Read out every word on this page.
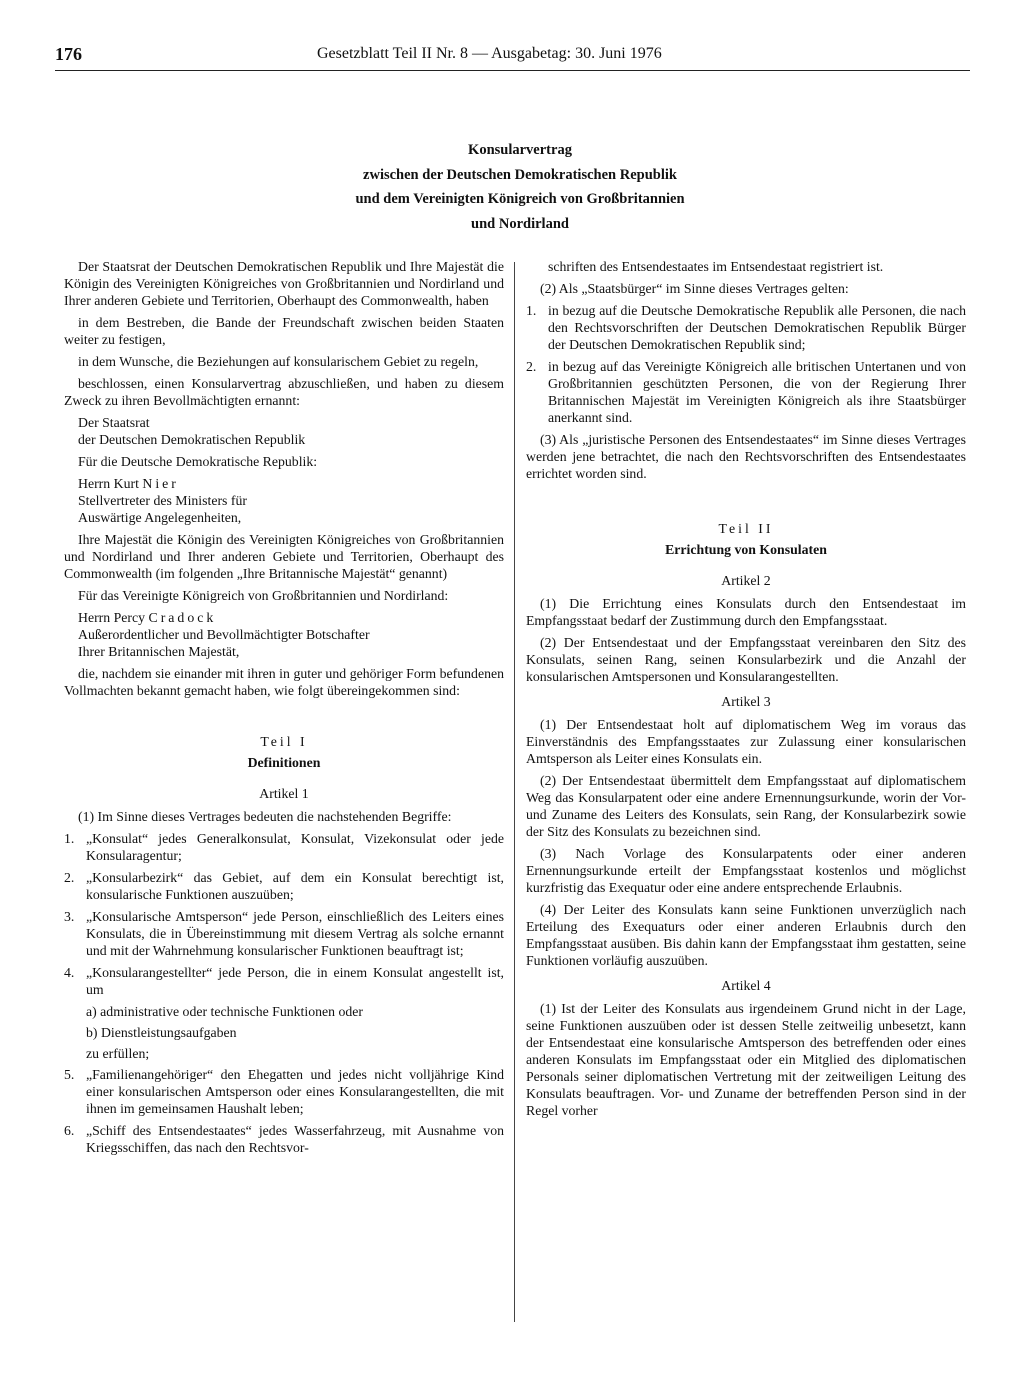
176	Gesetzblatt Teil II Nr. 8 — Ausgabetag: 30. Juni 1976
Konsularvertrag
zwischen der Deutschen Demokratischen Republik
und dem Vereinigten Königreich von Großbritannien
und Nordirland

Der Staatsrat der Deutschen Demokratischen Republik und Ihre Majestät die Königin des Vereinigten Königreiches von Großbritannien und Nordirland und Ihrer anderen Gebiete und Territorien, Oberhaupt des Commonwealth, haben

in dem Bestreben, die Bande der Freundschaft zwischen beiden Staaten weiter zu festigen,

in dem Wunsche, die Beziehungen auf konsularischem Gebiet zu regeln,

beschlossen, einen Konsularvertrag abzuschließen, und haben zu diesem Zweck zu ihren Bevollmächtigten ernannt:

Der Staatsrat
der Deutschen Demokratischen Republik
Für die Deutsche Demokratische Republik:
Herrn Kurt Nier
Stellvertreter des Ministers für
Auswärtige Angelegenheiten,

Ihre Majestät die Königin des Vereinigten Königreiches von Großbritannien und Nordirland und Ihrer anderen Gebiete und Territorien, Oberhaupt des Commonwealth (im folgenden „Ihre Britannische Majestät“ genannt)

Für das Vereinigte Königreich von Großbritannien und Nordirland:
Herrn Percy Cradock
Außerordentlicher und Bevollmächtigter Botschafter
Ihrer Britannischen Majestät,

die, nachdem sie einander mit ihren in guter und gehöriger Form befundenen Vollmachten bekannt gemacht haben, wie folgt übereingekommen sind:

Teil I
Definitionen
Artikel 1

(1) Im Sinne dieses Vertrages bedeuten die nachstehenden Begriffe:

1. „Konsulat“ jedes Generalkonsulat, Konsulat, Vizekonsulat oder jede Konsularagentur;
2. „Konsularbezirk“ das Gebiet, auf dem ein Konsulat berechtigt ist, konsularische Funktionen auszuüben;
3. „Konsularische Amtsperson“ jede Person, einschließlich des Leiters eines Konsulats, die in Übereinstimmung mit diesem Vertrag als solche ernannt und mit der Wahrnehmung konsularischer Funktionen beauftragt ist;
4. „Konsularangestellter“ jede Person, die in einem Konsulat angestellt ist, um
a) administrative oder technische Funktionen oder
b) Dienstleistungsaufgaben
zu erfüllen;
5. „Familienangehöriger“ den Ehegatten und jedes nicht volljährige Kind einer konsularischen Amtsperson oder eines Konsularangestellten, die mit ihnen im gemeinsamen Haushalt leben;
6. „Schiff des Entsendestaates“ jedes Wasserfahrzeug, mit Ausnahme von Kriegsschiffen, das nach den Rechtsvor-

schriften des Entsendestaates im Entsendestaat registriert ist.

(2) Als „Staatsbürger“ im Sinne dieses Vertrages gelten:

1. in bezug auf die Deutsche Demokratische Republik alle Personen, die nach den Rechtsvorschriften der Deutschen Demokratischen Republik Bürger der Deutschen Demokratischen Republik sind;
2. in bezug auf das Vereinigte Königreich alle britischen Untertanen und von Großbritannien geschützten Personen, die von der Regierung Ihrer Britannischen Majestät im Vereinigten Königreich als ihre Staatsbürger anerkannt sind.

(3) Als „juristische Personen des Entsendestaates“ im Sinne dieses Vertrages werden jene betrachtet, die nach den Rechtsvorschriften des Entsendestaates errichtet worden sind.

Teil II
Errichtung von Konsulaten
Artikel 2

(1) Die Errichtung eines Konsulats durch den Entsendestaat im Empfangsstaat bedarf der Zustimmung durch den Empfangsstaat.

(2) Der Entsendestaat und der Empfangsstaat vereinbaren den Sitz des Konsulats, seinen Rang, seinen Konsularbezirk und die Anzahl der konsularischen Amtspersonen und Konsularangestellten.

Artikel 3

(1) Der Entsendestaat holt auf diplomatischem Weg im voraus das Einverständnis des Empfangsstaates zur Zulassung einer konsularischen Amtsperson als Leiter eines Konsulats ein.

(2) Der Entsendestaat übermittelt dem Empfangsstaat auf diplomatischem Weg das Konsularpatent oder eine andere Ernennungsurkunde, worin der Vor- und Zuname des Leiters des Konsulats, sein Rang, der Konsularbezirk sowie der Sitz des Konsulats zu bezeichnen sind.

(3) Nach Vorlage des Konsularpatents oder einer anderen Ernennungsurkunde erteilt der Empfangsstaat kostenlos und möglichst kurzfristig das Exequatur oder eine andere entsprechende Erlaubnis.

(4) Der Leiter des Konsulats kann seine Funktionen unverzüglich nach Erteilung des Exequaturs oder einer anderen Erlaubnis durch den Empfangsstaat ausüben. Bis dahin kann der Empfangsstaat ihm gestatten, seine Funktionen vorläufig auszuüben.

Artikel 4

(1) Ist der Leiter des Konsulats aus irgendeinem Grund nicht in der Lage, seine Funktionen auszuüben oder ist dessen Stelle zeitweilig unbesetzt, kann der Entsendestaat eine konsularische Amtsperson des betreffenden oder eines anderen Konsulats im Empfangsstaat oder ein Mitglied des diplomatischen Personals seiner diplomatischen Vertretung mit der zeitweiligen Leitung des Konsulats beauftragen. Vor- und Zuname der betreffenden Person sind in der Regel vorher
